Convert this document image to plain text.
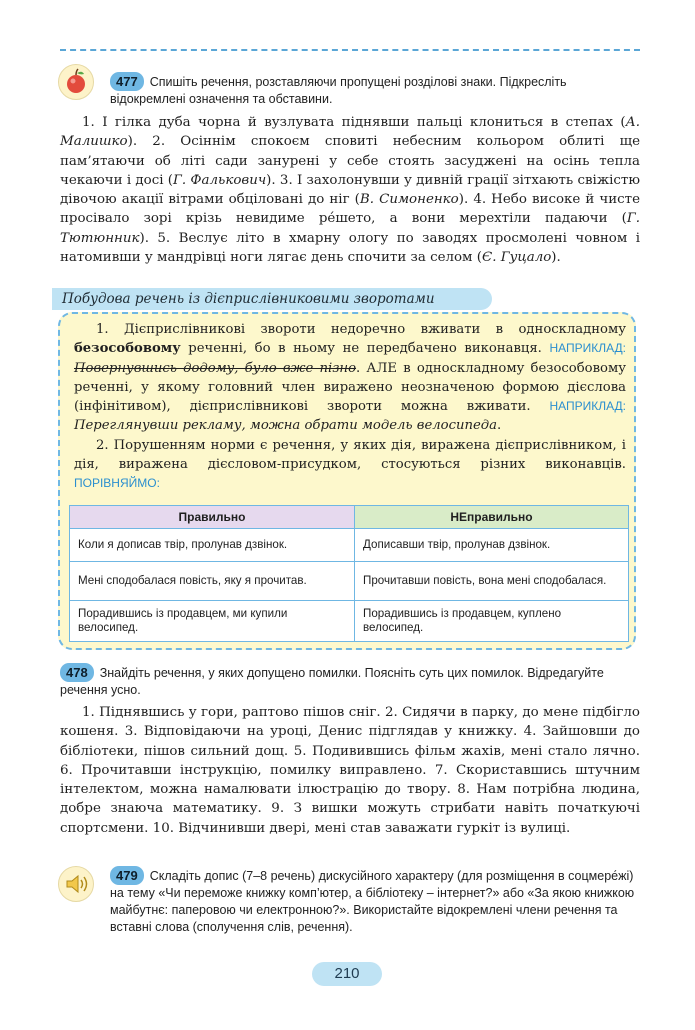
477 Спишіть речення, розставляючи пропущені розділові знаки. Підкресліть відокремлені означення та обставини.

1. І гілка дуба чорна й вузлувата піднявши пальці клониться в степах (А. Малишко). 2. Осіннім спокоєм сповиті небесним кольором облиті ще пам’ятаючи об літі сади занурені у себе стоять засуджені на осінь тепла чекаючи і досі (Г. Фалькович). 3. І захолонувши у дивній грації зітхають свіжістю дівочою акації вітрами обціловані до ніг (В. Симоненко). 4. Небо високе й чисте просівало зорі крізь невидиме ре́шето, а вони мерехтіли падаючи (Г. Тютюнник). 5. Веслує літо в хмарну ологу по заводях просмолені човном і натомивши у мандрівці ноги лягає день спочити за селом (Є. Гуцало).

Побудова речень із дієприслівниковими зворотами

1. Дієприслівникові звороти недоречно вживати в односкладному безособовому реченні, бо в ньому не передбачено виконавця. НАПРИКЛАД: Повернувшись додому, було вже пізно. АЛЕ в односкладному безособовому реченні, у якому головний член виражено неозначеною формою дієслова (інфінітивом), дієприслівникові звороти можна вживати. НАПРИКЛАД: Переглянувши рекламу, можна обрати модель велосипеда.

2. Порушенням норми є речення, у яких дія, виражена дієприслівником, і дія, виражена дієсловом-присудком, стосуються різних виконавців. ПОРІВНЯЙМО:

Правильно	НЕправильно
Коли я дописав твір, пролунав дзвінок.	Дописавши твір, пролунав дзвінок.
Мені сподобалася повість, яку я прочитав.	Прочитавши повість, вона мені сподобалася.
Порадившись із продавцем, ми купили велосипед.	Порадившись із продавцем, куплено велосипед.
478 Знайдіть речення, у яких допущено помилки. Поясніть суть цих помилок. Відредагуйте речення усно.

1. Піднявшись у гори, раптово пішов сніг. 2. Сидячи в парку, до мене підбігло кошеня. 3. Відповідаючи на уроці, Денис підглядав у книжку. 4. Зайшовши до бібліотеки, пішов сильний дощ. 5. Подивившись фільм жахів, мені стало лячно. 6. Прочитавши інструкцію, помилку виправлено. 7. Скориставшись штучним інтелектом, можна намалювати ілюстрацію до твору. 8. Нам потрібна людина, добре знаюча математику. 9. З вишки можуть стрибати навіть початкуючі спортсмени. 10. Відчинивши двері, мені став заважати гуркіт із вулиці.

479 Складіть допис (7–8 речень) дискусійного характеру (для розміщення в соцмере́жі) на тему «Чи переможе книжку комп’ютер, а бібліотеку – інтернет?» або «За якою книжкою майбутнє: паперовою чи електронною?». Використайте відокремлені члени речення та вставні слова (сполучення слів, речення).
210
